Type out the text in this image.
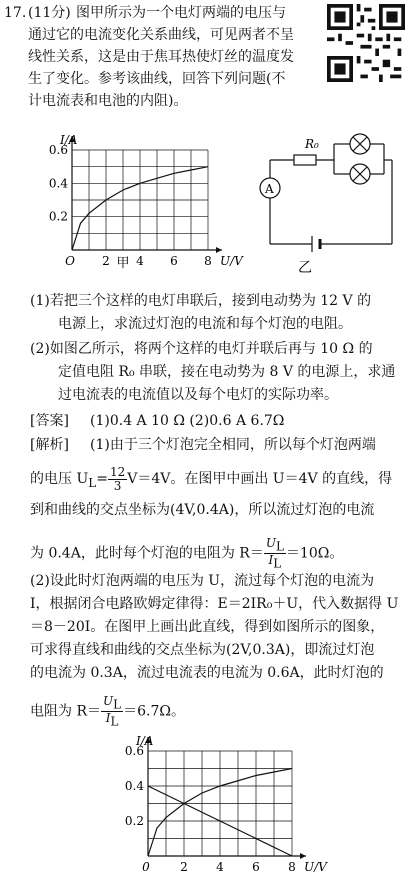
17. (11分) 图甲所示为一个电灯两端的电压与
通过它的电流变化关系曲线，可见两者不呈
线性关系，这是由于焦耳热使灯丝的温度发
生了变化。参考该曲线，回答下列问题(不
计电流表和电池的内阻)。
0.2
0.4
0.6
2 4 6 8
O
I/A
U/V
甲
R₀
A
乙
(1)若把三个这样的电灯串联后，接到电动势为 12 V 的
电源上，求流过灯泡的电流和每个灯泡的电阻。
(2)如图乙所示，将两个这样的电灯并联后再与 10 Ω 的
定值电阻 R₀ 串联，接在电动势为 8 V 的电源上，求通
过电流表的电流值以及每个电灯的实际功率。
[答案] (1)0.4 A 10 Ω (2)0.6 A 6.7Ω
[解析] (1)由于三个灯泡完全相同，所以每个灯泡两端
的电压 $U_L= \frac{12}{3} V=4V$。在图甲中画出 U＝4V 的直线，得
到和曲线的交点坐标为(4V,0.4A)，所以流过灯泡的电流
为 0.4A，此时每个灯泡的电阻为 $R= \frac{U_L}{I_L} =10\Omega$。
(2)设此时灯泡两端的电压为 U，流过每个灯泡的电流为
I，根据闭合电路欧姆定律得：E＝2IR₀＋U，代入数据得 U
＝8－20I。在图甲上画出此直线，得到如图所示的图象，
可求得直线和曲线的交点坐标为(2V,0.3A)，即流过灯泡
的电流为 0.3A，流过电流表的电流为 0.6A，此时灯泡的
电阻为 $R= \frac{U_L}{I_L} =6.7\Omega$。
0.2
0.4
0.6
2 4 6 8
0
I/A
U/V
